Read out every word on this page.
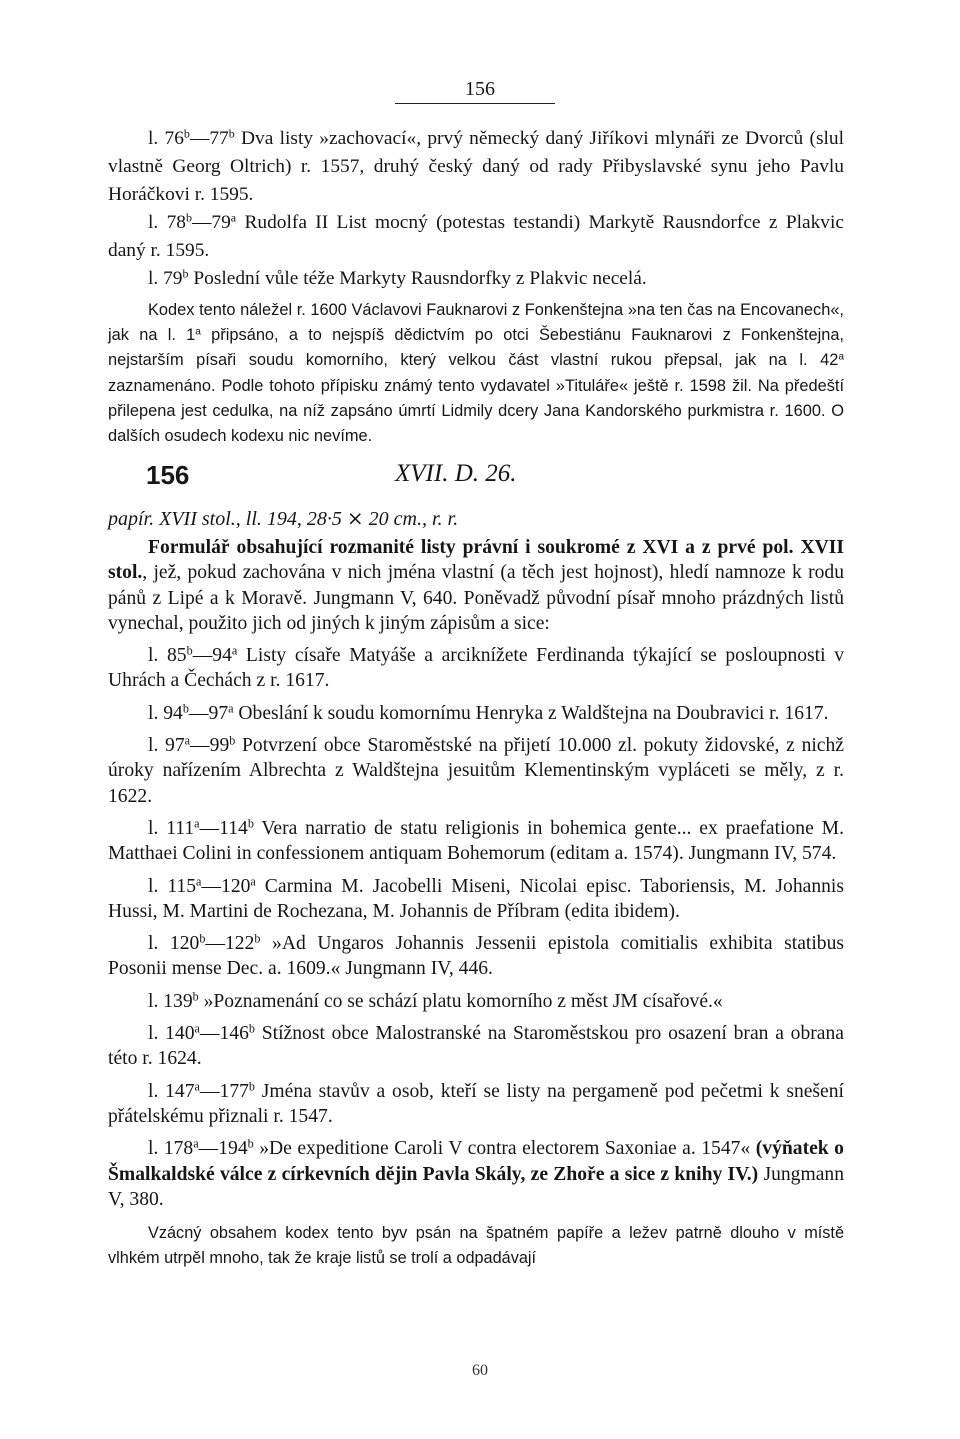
156

l. 76$^b$—77$^b$ Dva listy »zachovací«, prvý německý daný Jiříkovi mlynáři ze Dvorců (slul vlastně Georg Oltrich) r. 1557, druhý český daný od rady Přibyslavské synu jeho Pavlu Horáčkovi r. 1595.

l. 78$^b$—79$^a$ Rudolfa II List mocný (potestas testandi) Markytě Rausndorfce z Plakvic daný r. 1595.

l. 79$^b$ Poslední vůle téže Markyty Rausndorfky z Plakvic necelá.

Kodex tento náležel r. 1600 Václavovi Fauknarovi z Fonkenštejna »na ten čas na Encovanech«, jak na l. 1$^a$ připsáno, a to nejspíš dědictvím po otci Šebestiánu Fauknarovi z Fonkenštejna, nejstarším písaři soudu komorního, který velkou část vlastní rukou přepsal, jak na l. 42$^a$ zaznamenáno. Podle tohoto přípisku známý tento vydavatel »Tituláře« ještě r. 1598 žil. Na předeští přilepena jest cedulka, na níž zapsáno úmrtí Lidmily dcery Jana Kandorského purkmistra r. 1600. O dalších osudech kodexu nic nevíme.

156	XVII. D. 26.
papír. XVII stol., ll. 194, 28·5 ⨯ 20 cm., r. r.

Formulář obsahující rozmanité listy právní i soukromé z XVI a z prvé pol. XVII stol., jež, pokud zachována v nich jména vlastní (a těch jest hojnost), hledí namnoze k rodu pánů z Lipé a k Moravě. Jungmann V, 640. Poněvadž původní písař mnoho prázdných listů vynechal, použito jich od jiných k jiným zápisům a sice:

l. 85$^b$—94$^a$ Listy císaře Matyáše a arciknížete Ferdinanda týkající se posloupnosti v Uhrách a Čechách z r. 1617.

l. 94$^b$—97$^a$ Obeslání k soudu komornímu Henryka z Waldštejna na Doubravici r. 1617.

l. 97$^a$—99$^b$ Potvrzení obce Staroměstské na přijetí 10.000 zl. pokuty židovské, z nichž úroky nařízením Albrechta z Waldštejna jesuitům Klementinským vypláceti se měly, z r. 1622.

l. 111$^a$—114$^b$ Vera narratio de statu religionis in bohemica gente... ex praefatione M. Matthaei Colini in confessionem antiquam Bohemorum (editam a. 1574). Jungmann IV, 574.

l. 115$^a$—120$^a$ Carmina M. Jacobelli Miseni, Nicolai episc. Taboriensis, M. Johannis Hussi, M. Martini de Rochezana, M. Johannis de Příbram (edita ibidem).

l. 120$^b$—122$^b$ »Ad Ungaros Johannis Jessenii epistola comitialis exhibita statibus Posonii mense Dec. a. 1609.« Jungmann IV, 446.

l. 139$^b$ »Poznamenání co se schází platu komorního z měst JM císařové.«

l. 140$^a$—146$^b$ Stížnost obce Malostranské na Staroměstskou pro osazení bran a obrana této r. 1624.

l. 147$^a$—177$^b$ Jména stavův a osob, kteří se listy na pergameně pod pečetmi k snešení přátelskému přiznali r. 1547.

l. 178$^a$—194$^b$ »De expeditione Caroli V contra electorem Saxoniae a. 1547« (výňatek o Šmalkaldské válce z církevních dějin Pavla Skály, ze Zhoře a sice z knihy IV.) Jungmann V, 380.

Vzácný obsahem kodex tento byv psán na špatném papíře a ležev patrně dlouho v místě vlhkém utrpěl mnoho, tak že kraje listů se trolí a odpadávají

60
